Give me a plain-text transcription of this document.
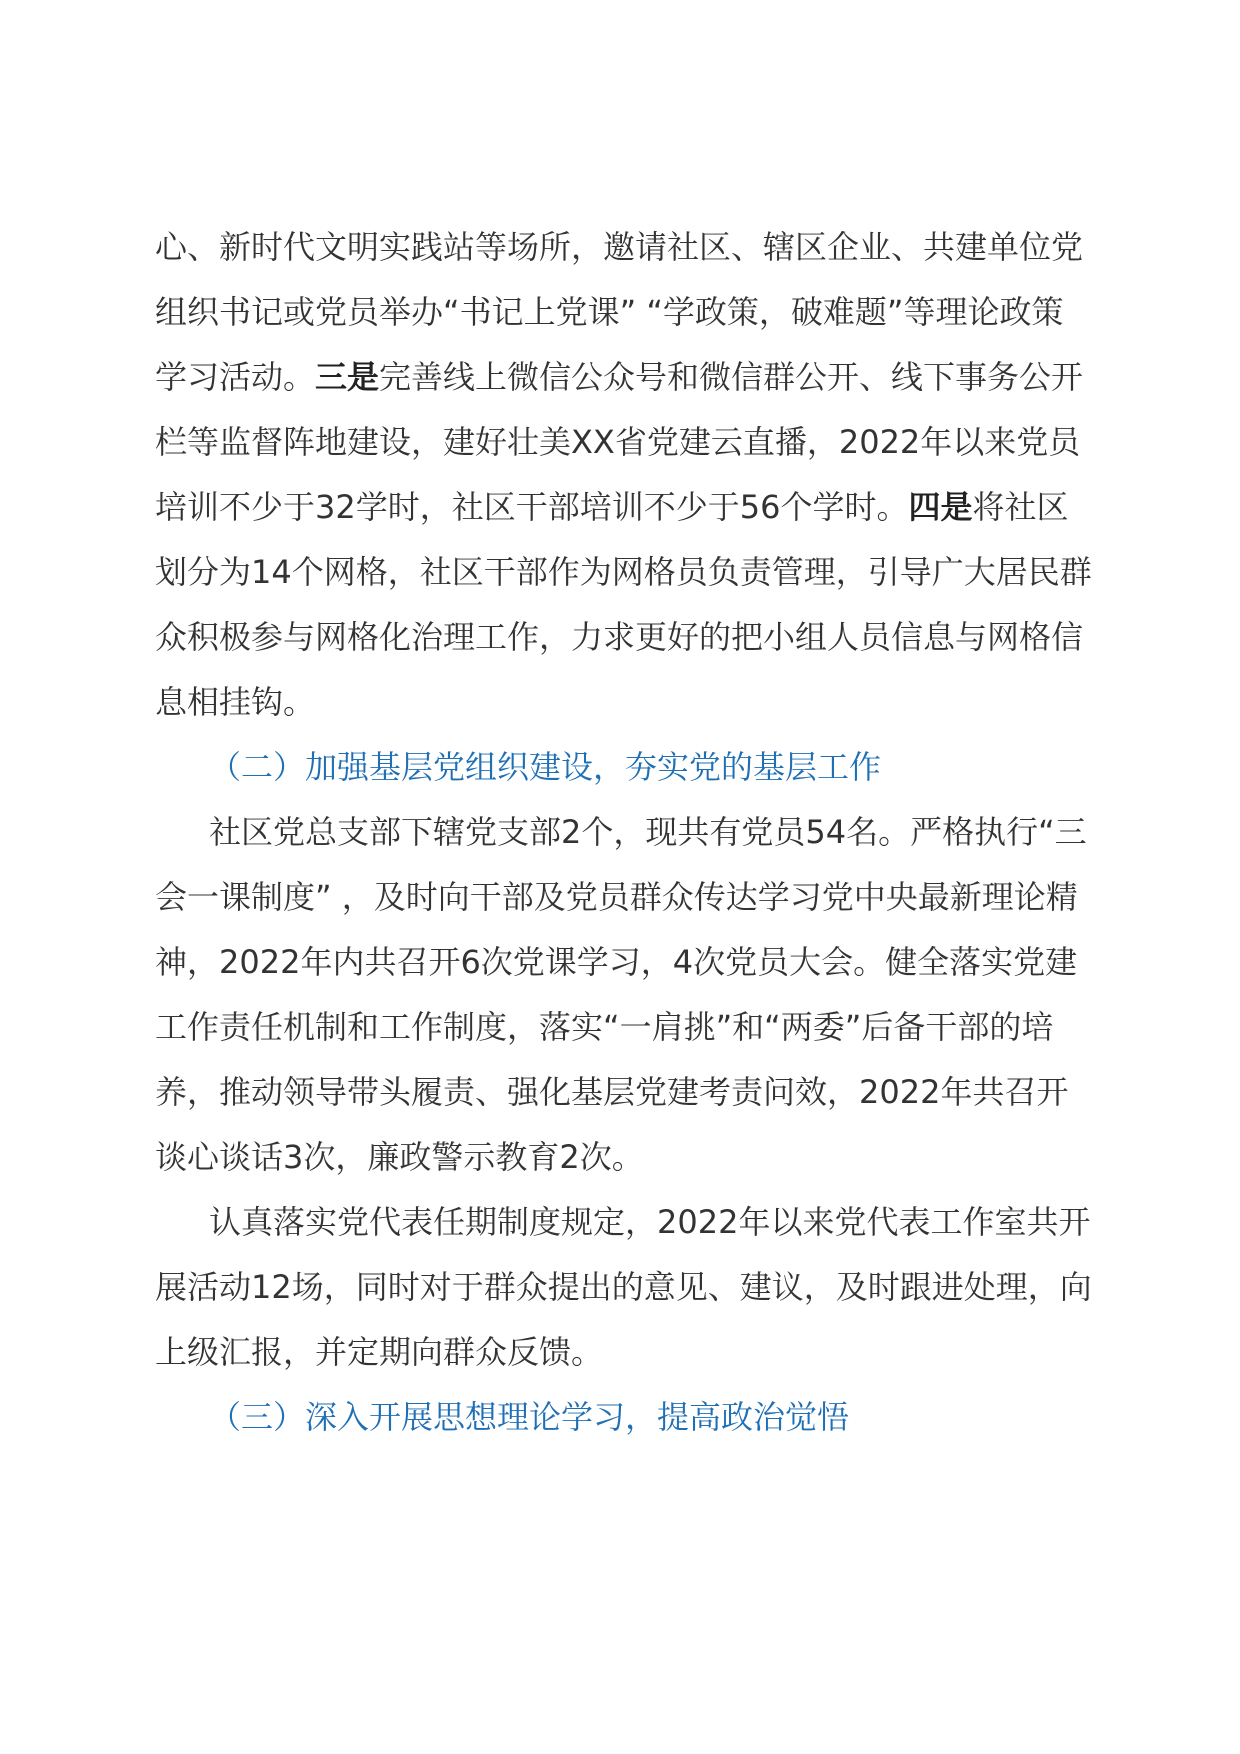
心、新时代文明实践站等场所，邀请社区、辖区企业、共建单位党组织书记或党员举办“书记上党课” “学政策，破难题”等理论政策学习活动。三是完善线上微信公众号和微信群公开、线下事务公开栏等监督阵地建设，建好壮美XX省党建云直播，2022年以来党员培训不少于32学时，社区干部培训不少于56个学时。四是将社区划分为14个网格，社区干部作为网格员负责管理，引导广大居民群众积极参与网格化治理工作，力求更好的把小组人员信息与网格信息相挂钩。

（二）加强基层党组织建设，夯实党的基层工作

社区党总支部下辖党支部2个，现共有党员54名。严格执行“三会一课制度” ，及时向干部及党员群众传达学习党中央最新理论精神，2022年内共召开6次党课学习，4次党员大会。健全落实党建工作责任机制和工作制度，落实“一肩挑”和“两委”后备干部的培养，推动领导带头履责、强化基层党建考责问效，2022年共召开谈心谈话3次，廉政警示教育2次。

认真落实党代表任期制度规定，2022年以来党代表工作室共开展活动12场，同时对于群众提出的意见、建议，及时跟进处理，向上级汇报，并定期向群众反馈。

（三）深入开展思想理论学习，提高政治觉悟
